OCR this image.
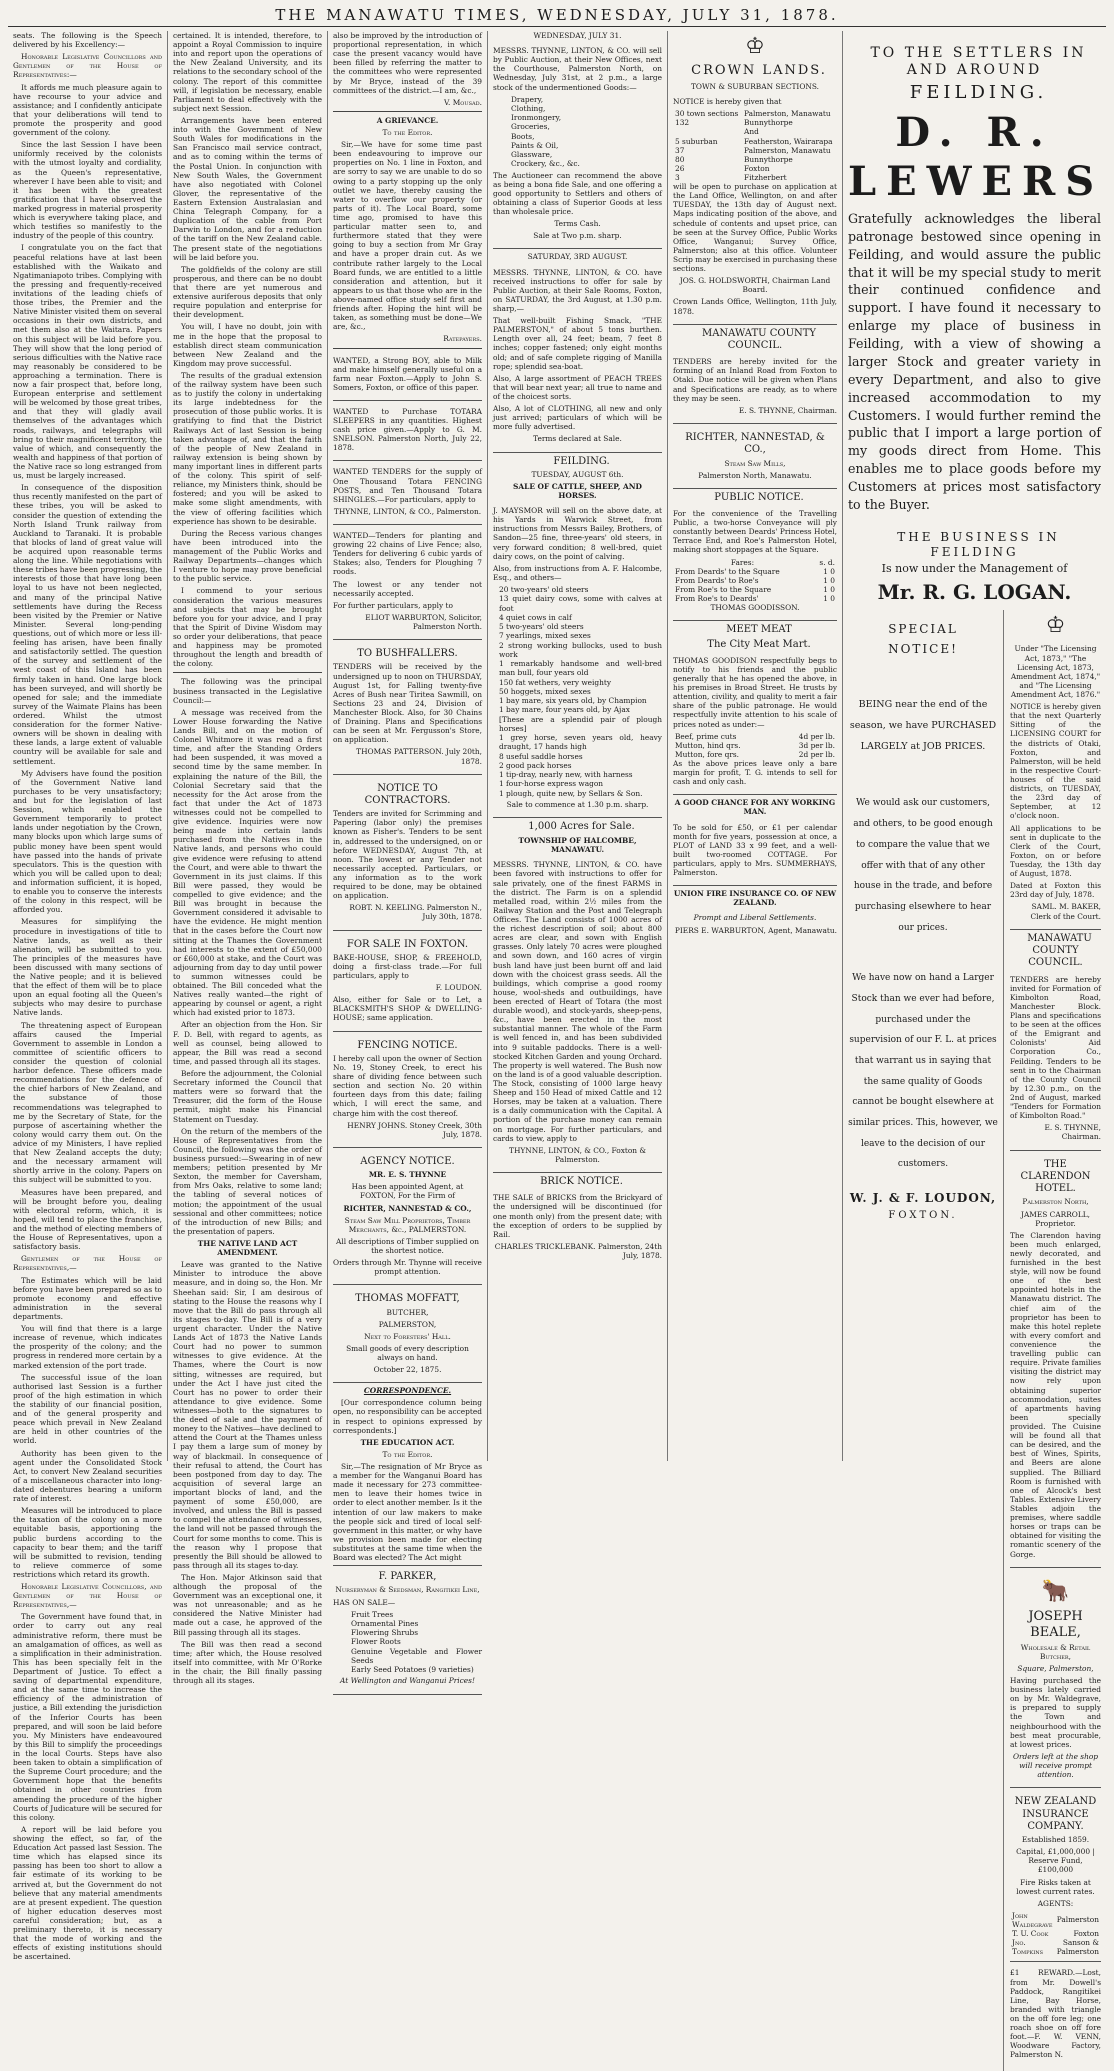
THE MANAWATU TIMES, WEDNESDAY, JULY 31, 1878.

seats. The following is the Speech delivered by his Excellency:—

Honorable Legislative Councillors and Gentlemen of the House of Representatives:—

It affords me much pleasure again to have recourse to your advice and assistance; and I confidently anticipate that your deliberations will tend to promote the prosperity and good government of the colony.

Since the last Session I have been uniformly received by the colonists with the utmost loyalty and cordiality, as the Queen's representative, wherever I have been able to visit; and it has been with the greatest gratification that I have observed the marked progress in material prosperity which is everywhere taking place, and which testifies so manifestly to the industry of the people of this country.

I congratulate you on the fact that peaceful relations have at last been established with the Waikato and Ngatimaniapoto tribes. Complying with the pressing and frequently-received invitations of the leading chiefs of those tribes, the Premier and the Native Minister visited them on several occasions in their own districts, and met them also at the Waitara. Papers on this subject will be laid before you. They will show that the long period of serious difficulties with the Native race may reasonably be considered to be approaching a termination. There is now a fair prospect that, before long, European enterprise and settlement will be welcomed by those great tribes, and that they will gladly avail themselves of the advantages which roads, railways, and telegraphs will bring to their magnificent territory, the value of which, and consequently the wealth and happiness of that portion of the Native race so long estranged from us, must be largely increased.

In consequence of the disposition thus recently manifested on the part of these tribes, you will be asked to consider the question of extending the North Island Trunk railway from Auckland to Taranaki. It is probable that blocks of land of great value will be acquired upon reasonable terms along the line. While negotiations with these tribes have been progressing, the interests of those that have long been loyal to us have not been neglected, and many of the principal Native settlements have during the Recess been visited by the Premier or Native Minister. Several long-pending questions, out of which more or less ill-feeling has arisen, have been finally and satisfactorily settled. The question of the survey and settlement of the west coast of this Island has been firmly taken in hand. One large block has been surveyed, and will shortly be opened for sale; and the immediate survey of the Waimate Plains has been ordered. Whilst the utmost consideration for the former Native-owners will be shown in dealing with these lands, a large extent of valuable country will be available for sale and settlement.

My Advisers have found the position of the Government Native land purchases to be very unsatisfactory; and but for the legislation of last Session, which enabled the Government temporarily to protect lands under negotiation by the Crown, many blocks upon which large sums of public money have been spent would have passed into the hands of private speculators. This is the question with which you will be called upon to deal; and information sufficient, it is hoped, to enable you to conserve the interests of the colony in this respect, will be afforded you.

Measures for simplifying the procedure in investigations of title to Native lands, as well as their alienation, will be submitted to you. The principles of the measures have been discussed with many sections of the Native people; and it is believed that the effect of them will be to place upon an equal footing all the Queen's subjects who may desire to purchase Native lands.

The threatening aspect of European affairs caused the Imperial Government to assemble in London a committee of scientific officers to consider the question of colonial harbor defence. These officers made recommendations for the defence of the chief harbors of New Zealand, and the substance of those recommendations was telegraphed to me by the Secretary of State, for the purpose of ascertaining whether the colony would carry them out. On the advice of my Ministers, I have replied that New Zealand accepts the duty; and the necessary armament will shortly arrive in the colony. Papers on this subject will be submitted to you.

Measures have been prepared, and will be brought before you, dealing with electoral reform, which, it is hoped, will tend to place the franchise, and the method of electing members of the House of Representatives, upon a satisfactory basis.

Gentlemen of the House of Representatives,—

The Estimates which will be laid before you have been prepared so as to promote economy and effective administration in the several departments.

You will find that there is a large increase of revenue, which indicates the prosperity of the colony; and the progress in rendered more certain by a marked extension of the port trade.

The successful issue of the loan authorised last Session is a further proof of the high estimation in which the stability of our financial position, and of the general prosperity and peace which prevail in New Zealand are held in other countries of the world.

Authority has been given to the agent under the Consolidated Stock Act, to convert New Zealand securities of a miscellaneous character into long-dated debentures bearing a uniform rate of interest.

Measures will be introduced to place the taxation of the colony on a more equitable basis, apportioning the public burdens according to the capacity to bear them; and the tariff will be submitted to revision, tending to relieve commerce of some restrictions which retard its growth.

Honorable Legislative Councillors, and Gentlemen of the House of Representatives,—

The Government have found that, in order to carry out any real administrative reform, there must be an amalgamation of offices, as well as a simplification in their administration. This has been specially felt in the Department of Justice. To effect a saving of departmental expenditure, and at the same time to increase the efficiency of the administration of justice, a Bill extending the jurisdiction of the Inferior Courts has been prepared, and will soon be laid before you. My Ministers have endeavoured by this Bill to simplify the proceedings in the local Courts. Steps have also been taken to obtain a simplification of the Supreme Court procedure; and the Government hope that the benefits obtained in other countries from amending the procedure of the higher Courts of Judicature will be secured for this colony.

A report will be laid before you showing the effect, so far, of the Education Act passed last Session. The time which has elapsed since its passing has been too short to allow a fair estimate of its working to be arrived at, but the Government do not believe that any material amendments are at present expedient. The question of higher education deserves most careful consideration; but, as a preliminary thereto, it is necessary that the mode of working and the effects of existing institutions should be ascertained.

certained. It is intended, therefore, to appoint a Royal Commission to inquire into and report upon the operations of the New Zealand University, and its relations to the secondary school of the colony. The report of this committee will, if legislation be necessary, enable Parliament to deal effectively with the subject next Session.

Arrangements have been entered into with the Government of New South Wales for modifications in the San Francisco mail service contract, and as to coming within the terms of the Postal Union. In conjunction with New South Wales, the Government have also negotiated with Colonel Glover, the representative of the Eastern Extension Australasian and China Telegraph Company, for a duplication of the cable from Port Darwin to London, and for a reduction of the tariff on the New Zealand cable. The present state of the negotiations will be laid before you.

The goldfields of the colony are still prosperous, and there can be no doubt that there are yet numerous and extensive auriferous deposits that only require population and enterprise for their development.

You will, I have no doubt, join with me in the hope that the proposal to establish direct steam communication between New Zealand and the Kingdom may prove successful.

The results of the gradual extension of the railway system have been such as to justify the colony in undertaking its large indebtedness for the prosecution of those public works. It is gratifying to find that the District Railways Act of last Session is being taken advantage of, and that the faith of the people of New Zealand in railway extension is being shown by many important lines in different parts of the colony. This spirit of self-reliance, my Ministers think, should be fostered; and you will be asked to make some slight amendments, with the view of offering facilities which experience has shown to be desirable.

During the Recess various changes have been introduced into the management of the Public Works and Railway Departments—changes which I venture to hope may prove beneficial to the public service.

I commend to your serious consideration the various measures and subjects that may be brought before you for your advice, and I pray that the Spirit of Divine Wisdom may so order your deliberations, that peace and happiness may be promoted throughout the length and breadth of the colony.

The following was the principal business transacted in the Legislative Council:—

A message was received from the Lower House forwarding the Native Lands Bill, and on the motion of Colonel Whitmore it was read a first time, and after the Standing Orders had been suspended, it was moved a second time by the same member. In explaining the nature of the Bill, the Colonial Secretary said that the necessity for the Act arose from the fact that under the Act of 1873 witnesses could not be compelled to give evidence. Inquiries were now being made into certain lands purchased from the Natives in the Native lands, and persons who could give evidence were refusing to attend the Court, and were able to thwart the Government in its just claims. If this Bill were passed, they would be compelled to give evidence; and the Bill was brought in because the Government considered it advisable to have the evidence. He might mention that in the cases before the Court now sitting at the Thames the Government had interests to the extent of £50,000 or £60,000 at stake, and the Court was adjourning from day to day until power to summon witnesses could be obtained. The Bill conceded what the Natives really wanted—the right of appearing by counsel or agent, a right which had existed prior to 1873.

After an objection from the Hon. Sir F. D. Bell, with regard to agents, as well as counsel, being allowed to appear, the Bill was read a second time, and passed through all its stages.

Before the adjournment, the Colonial Secretary informed the Council that matters were so forward that the Treasurer, did the form of the House permit, might make his Financial Statement on Tuesday.

On the return of the members of the House of Representatives from the Council, the following was the order of business pursued:—Swearing in of new members; petition presented by Mr Sexton, the member for Caversham, from Mrs Oaks, relative to some land; the tabling of several notices of motion; the appointment of the usual sessional and other committees; notice of the introduction of new Bills; and the presentation of papers.

THE NATIVE LAND ACT AMENDMENT.

Leave was granted to the Native Minister to introduce the above measure, and in doing so, the Hon. Mr Sheehan said: Sir, I am desirous of stating to the House the reasons why I move that the Bill do pass through all its stages to-day. The Bill is of a very urgent character. Under the Native Lands Act of 1873 the Native Lands Court had no power to summon witnesses to give evidence. At the Thames, where the Court is now sitting, witnesses are required, but under the Act I have just cited the Court has no power to order their attendance to give evidence. Some witnesses—both to the signatures to the deed of sale and the payment of money to the Natives—have declined to attend the Court at the Thames unless I pay them a large sum of money by way of blackmail. In consequence of their refusal to attend, the Court has been postponed from day to day. The acquisition of several large an important blocks of land, and the payment of some £50,000, are involved, and unless the Bill is passed to compel the attendance of witnesses, the land will not be passed through the Court for some months to come. This is the reason why I propose that presently the Bill should be allowed to pass through all its stages to-day.

The Hon. Major Atkinson said that although the proposal of the Government was an exceptional one, it was not unreasonable; and as he considered the Native Minister had made out a case, he approved of the Bill passing through all its stages.

The Bill was then read a second time; after which, the House resolved itself into committee, with Mr O'Rorke in the chair, the Bill finally passing through all its stages.

also be improved by the introduction of proportional representation, in which case the present vacancy would have been filled by referring the matter to the committees who were represented by Mr Bryce, instead of the 39 committees of the district.—I am, &c.,

V. Mousad.

A GRIEVANCE.

To the Editor.

Sir,—We have for some time past been endeavouring to improve our properties on No. 1 line in Foxton, and are sorry to say we are unable to do so owing to a party stopping up the only outlet we have, thereby causing the water to overflow our property (or parts of it). The Local Board, some time ago, promised to have this particular matter seen to, and furthermore stated that they were going to buy a section from Mr Gray and have a proper drain cut. As we contribute rather largely to the Local Board funds, we are entitled to a little consideration and attention, but it appears to us that those who are in the above-named office study self first and friends after. Hoping the hint will be taken, as something must be done—We are, &c.,

Ratepayers.

WANTED, a Strong BOY, able to Milk and make himself generally useful on a farm near Foxton.—Apply to John S. Somers, Foxton, or office of this paper.

WANTED to Purchase TOTARA SLEEPERS in any quantities. Highest cash price given.—Apply to G. M. SNELSON. Palmerston North, July 22, 1878.

WANTED TENDERS for the supply of One Thousand Totara FENCING POSTS, and Ten Thousand Totara SHINGLES.—For particulars, apply to

THYNNE, LINTON, & CO., Palmerston.

WANTED—Tenders for planting and growing 22 chains of Live Fence; also, Tenders for delivering 6 cubic yards of Stakes; also, Tenders for Ploughing 7 roods.

The lowest or any tender not necessarily accepted.

For further particulars, apply to

ELIOT WARBURTON, Solicitor, Palmerston North.

TO BUSHFALLERS.

TENDERS will be received by the undersigned up to noon on THURSDAY, August 1st, for Falling twenty-five Acres of Bush near Tiritea Sawmill, on Sections 23 and 24, Division of Manchester Block. Also, for 30 Chains of Draining. Plans and Specifications can be seen at Mr. Fergusson's Store, on application.

THOMAS PATTERSON. July 20th, 1878.

NOTICE TO CONTRACTORS.

Tenders are invited for Scrimming and Papering (labor only) the premises known as Fisher's. Tenders to be sent in, addressed to the undersigned, on or before WEDNESDAY, August 7th, at noon. The lowest or any Tender not necessarily accepted. Particulars, or any information as to the work required to be done, may be obtained on application.

ROBT. N. KEELING. Palmerston N., July 30th, 1878.

FOR SALE IN FOXTON.

BAKE-HOUSE, SHOP, & FREEHOLD, doing a first-class trade.—For full particulars, apply to

F. LOUDON.

Also, either for Sale or to Let, a BLACKSMITH'S SHOP & DWELLING-HOUSE; same application.

FENCING NOTICE.

I hereby call upon the owner of Section No. 19, Stoney Creek, to erect his share of dividing fence between such section and section No. 20 within fourteen days from this date; failing which, I will erect the same, and charge him with the cost thereof.

HENRY JOHNS. Stoney Creek, 30th July, 1878.

AGENCY NOTICE.

MR. E. S. THYNNE

Has been appointed Agent, at FOXTON, For the Firm of

RICHTER, NANNESTAD & CO.,

Steam Saw Mill Proprietors, Timber Merchants, &c., PALMERSTON.

All descriptions of Timber supplied on the shortest notice.

Orders through Mr. Thynne will receive prompt attention.

THOMAS MOFFATT,

BUTCHER,

PALMERSTON,

Next to Foresters' Hall.

Small goods of every description always on hand.

October 22, 1875.

CORRESPONDENCE.

[Our correspondence column being open, no responsibility can be accepted in respect to opinions expressed by correspondents.]

THE EDUCATION ACT.

To the Editor.

Sir,—The resignation of Mr Bryce as a member for the Wanganui Board has made it necessary for 273 committee-men to leave their homes twice in order to elect another member. Is it the intention of our law makers to make the people sick and tired of local self-government in this matter, or why have we provision been made for electing substitutes at the same time when the Board was elected? The Act might

F. PARKER,

Nurseryman & Seedsman, Rangitikei Line,

HAS ON SALE—

Fruit Trees
Ornamental Pines
Flowering Shrubs
Flower Roots
Genuine Vegetable and Flower Seeds
Early Seed Potatoes (9 varieties)

At Wellington and Wanganui Prices!

WEDNESDAY, JULY 31.

MESSRS. THYNNE, LINTON, & CO. will sell by Public Auction, at their New Offices, next the Courthouse, Palmerston North, on Wednesday, July 31st, at 2 p.m., a large stock of the undermentioned Goods:—

Drapery,
Clothing,
Ironmongery,
Groceries,
Boots,
Paints & Oil,
Glassware,
Crockery, &c., &c.

The Auctioneer can recommend the above as being a bona fide Sale, and one offering a good opportunity to Settlers and others of obtaining a class of Superior Goods at less than wholesale price.

Terms Cash.

Sale at Two p.m. sharp.

SATURDAY, 3RD AUGUST.

MESSRS. THYNNE, LINTON, & CO. have received instructions to offer for sale by Public Auction, at their Sale Rooms, Foxton, on SATURDAY, the 3rd August, at 1.30 p.m. sharp,—

That well-built Fishing Smack, "THE PALMERSTON," of about 5 tons burthen. Length over all, 24 feet; beam, 7 feet 8 inches; copper fastened; only eight months old; and of safe complete rigging of Manilla rope; splendid sea-boat.

Also, A large assortment of PEACH TREES that will bear next year; all true to name and of the choicest sorts.

Also, A lot of CLOTHING, all new and only just arrived; particulars of which will be more fully advertised.

Terms declared at Sale.

FEILDING.

TUESDAY, AUGUST 6th.

SALE OF CATTLE, SHEEP, AND HORSES.

J. MAYSMOR will sell on the above date, at his Yards in Warwick Street, from instructions from Messrs Bailey, Brothers, of Sandon—25 fine, three-years' old steers, in very forward condition; 8 well-bred, quiet dairy cows, on the point of calving.

Also, from instructions from A. F. Halcombe, Esq., and others—

20 two-years' old steers
13 quiet dairy cows, some with calves at foot
4 quiet cows in calf
5 two-years' old steers
7 yearlings, mixed sexes
2 strong working bullocks, used to bush work
1 remarkably handsome and well-bred man bull, four years old
150 fat wethers, very weighty
50 hoggets, mixed sexes
1 bay mare, six years old, by Champion
1 bay mare, four years old, by Ajax
[These are a splendid pair of plough horses]
1 grey horse, seven years old, heavy draught, 17 hands high
8 useful saddle horses
2 good pack horses
1 tip-dray, nearly new, with harness
1 four-horse express wagon
1 plough, quite new, by Sellars & Son.

Sale to commence at 1.30 p.m. sharp.

1,000 Acres for Sale.

TOWNSHIP OF HALCOMBE, MANAWATU.

MESSRS. THYNNE, LINTON, & CO. have been favored with instructions to offer for sale privately, one of the finest FARMS in the district. The Farm is on a splendid metalled road, within 2½ miles from the Railway Station and the Post and Telegraph Offices. The Land consists of 1000 acres of the richest description of soil; about 800 acres are clear, and sown with English grasses. Only lately 70 acres were ploughed and sown down, and 160 acres of virgin bush land have just been burnt off and laid down with the choicest grass seeds. All the buildings, which comprise a good roomy house, wool-sheds and outbuildings, have been erected of Heart of Totara (the most durable wood), and stock-yards, sheep-pens, &c., have been erected in the most substantial manner. The whole of the Farm is well fenced in, and has been subdivided into 9 suitable paddocks. There is a well-stocked Kitchen Garden and young Orchard. The property is well watered. The Bush now on the land is of a good valuable description. The Stock, consisting of 1000 large heavy Sheep and 150 Head of mixed Cattle and 12 Horses, may be taken at a valuation. There is a daily communication with the Capital. A portion of the purchase money can remain on mortgage. For further particulars, and cards to view, apply to

THYNNE, LINTON, & CO., Foxton & Palmerston.

BRICK NOTICE.

THE SALE of BRICKS from the Brickyard of the undersigned will be discontinued (for one month only) from the present date; with the exception of orders to be supplied by Rail.

CHARLES TRICKLEBANK. Palmerston, 24th July, 1878.

♔

CROWN LANDS.

TOWN & SUBURBAN SECTIONS.

NOTICE is hereby given that

30 town sections	Palmerston, Manawatu
132	Bunnythorpe
	And
5 suburban	Featherston, Wairarapa
37	Palmerston, Manawatu
80	Bunnythorpe
26	Foxton
3	Fitzherbert

will be open to purchase on application at the Land Office, Wellington, on and after TUESDAY, the 13th day of August next. Maps indicating position of the above, and schedule of contents and upset price, can be seen at the Survey Office, Public Works Office, Wanganui; Survey Office, Palmerston; also at this office. Volunteer Scrip may be exercised in purchasing these sections.

JOS. G. HOLDSWORTH, Chairman Land Board.

Crown Lands Office, Wellington, 11th July, 1878.

MANAWATU COUNTY COUNCIL.

TENDERS are hereby invited for the forming of an Inland Road from Foxton to Otaki. Due notice will be given when Plans and Specifications are ready, as to where they may be seen.

E. S. THYNNE, Chairman.

RICHTER, NANNESTAD, & CO.,

Steam Saw Mills,

Palmerston North, Manawatu.

PUBLIC NOTICE.

For the convenience of the Travelling Public, a two-horse Conveyance will ply constantly between Deards' Princess Hotel, Terrace End, and Roe's Palmerston Hotel, making short stoppages at the Square.

Fares:	s. d.
From Deards' to the Square	1 0
From Deards' to Roe's	1 0
From Roe's to the Square	1 0
From Roe's to Deards'	1 0

THOMAS GOODISSON.

MEET MEAT

The City Meat Mart.

THOMAS GOODISON respectfully begs to notify to his friends and the public generally that he has opened the above, in his premises in Broad Street. He trusts by attention, civility, and quality to merit a fair share of the public patronage. He would respectfully invite attention to his scale of prices noted as under:—

Beef, prime cuts	4d per lb.
Mutton, hind qrs.	3d per lb.
Mutton, fore qrs.	2d per lb.

As the above prices leave only a bare margin for profit, T. G. intends to sell for cash and only cash.

A GOOD CHANCE FOR ANY WORKING MAN.

To be sold for £50, or £1 per calendar month for five years, possession at once, a PLOT of LAND 33 x 99 feet, and a well-built two-roomed COTTAGE. For particulars, apply to Mrs. SUMMERHAYS, Palmerston.

UNION FIRE INSURANCE CO. OF NEW ZEALAND.

Prompt and Liberal Settlements.

PIERS E. WARBURTON, Agent, Manawatu.

TO THE SETTLERS IN AND AROUND

FEILDING.

D. R. LEWERS
Gratefully acknowledges the liberal patronage bestowed since opening in Feilding, and would assure the public that it will be my special study to merit their continued confidence and support. I have found it necessary to enlarge my place of business in Feilding, with a view of showing a larger Stock and greater variety in every Department, and also to give increased accommodation to my Customers. I would further remind the public that I import a large portion of my goods direct from Home. This enables me to place goods before my Customers at prices most satisfactory to the Buyer.

THE BUSINESS IN FEILDING

Is now under the Management of

Mr. R. G. LOGAN.
SPECIAL
NOTICE!
BEING near the end of the season, we have PURCHASED LARGELY at JOB PRICES.
We would ask our customers, and others, to be good enough to compare the value that we offer with that of any other house in the trade, and before purchasing elsewhere to hear our prices.
We have now on hand a Larger Stock than we ever had before, purchased under the supervision of our F. L. at prices that warrant us in saying that the same quality of Goods cannot be bought elsewhere at similar prices. This, however, we leave to the decision of our customers.
W. J. & F. LOUDON,
FOXTON.
♔

Under "The Licensing Act, 1873," "The Licensing Act, 1873, Amendment Act, 1874," and "The Licensing Amendment Act, 1876."

NOTICE is hereby given that the next Quarterly Sitting of the LICENSING COURT for the districts of Otaki, Foxton, and Palmerston, will be held in the respective Court-houses of the said districts, on TUESDAY, the 23rd day of September, at 12 o'clock noon.

All applications to be sent in duplicate to the Clerk of the Court, Foxton, on or before Tuesday, the 13th day of August, 1878.

Dated at Foxton this 23rd day of July, 1878.

SAML. M. BAKER, Clerk of the Court.

MANAWATU COUNTY COUNCIL.

TENDERS are hereby invited for Formation of Kimbolton Road, Manchester Block. Plans and specifications to be seen at the offices of the Emigrant and Colonists' Aid Corporation Co., Feilding. Tenders to be sent in to the Chairman of the County Council by 12.30 p.m., on the 2nd of August, marked "Tenders for Formation of Kimbolton Road."

E. S. THYNNE, Chairman.

THE CLARENDON HOTEL.

Palmerston North,

JAMES CARROLL, Proprietor.

The Clarendon having been much enlarged, newly decorated, and furnished in the best style, will now be found one of the best appointed hotels in the Manawatu district. The chief aim of the proprietor has been to make this hotel replete with every comfort and convenience the travelling public can require. Private families visiting the district may now rely upon obtaining superior accommodation, suites of apartments having been specially provided. The Cuisine will be found all that can be desired, and the best of Wines, Spirits, and Beers are alone supplied. The Billiard Room is furnished with one of Alcock's best Tables. Extensive Livery Stables adjoin the premises, where saddle horses or traps can be obtained for visiting the romantic scenery of the Gorge.

🐂

JOSEPH BEALE,

Wholesale & Retail Butcher,

Square, Palmerston,

Having purchased the business lately carried on by Mr. Waldegrave, is prepared to supply the Town and neighbourhood with the best meat procurable, at lowest prices.

Orders left at the shop will receive prompt attention.

NEW ZEALAND INSURANCE COMPANY.

Established 1859.

Capital, £1,000,000 | Reserve Fund, £100,000

Fire Risks taken at lowest current rates.

AGENTS:

John Waldegrave	Palmerston
T. U. Cook	Foxton
Jno. Tompkins	Sanson & Palmerston

£1 REWARD.—Lost, from Mr. Dowell's Paddock, Rangitikei Line, Bay Horse, branded with triangle on the off fore leg; one roach shoe on off fore foot.—F. W. VENN, Woodware Factory, Palmerston N.
